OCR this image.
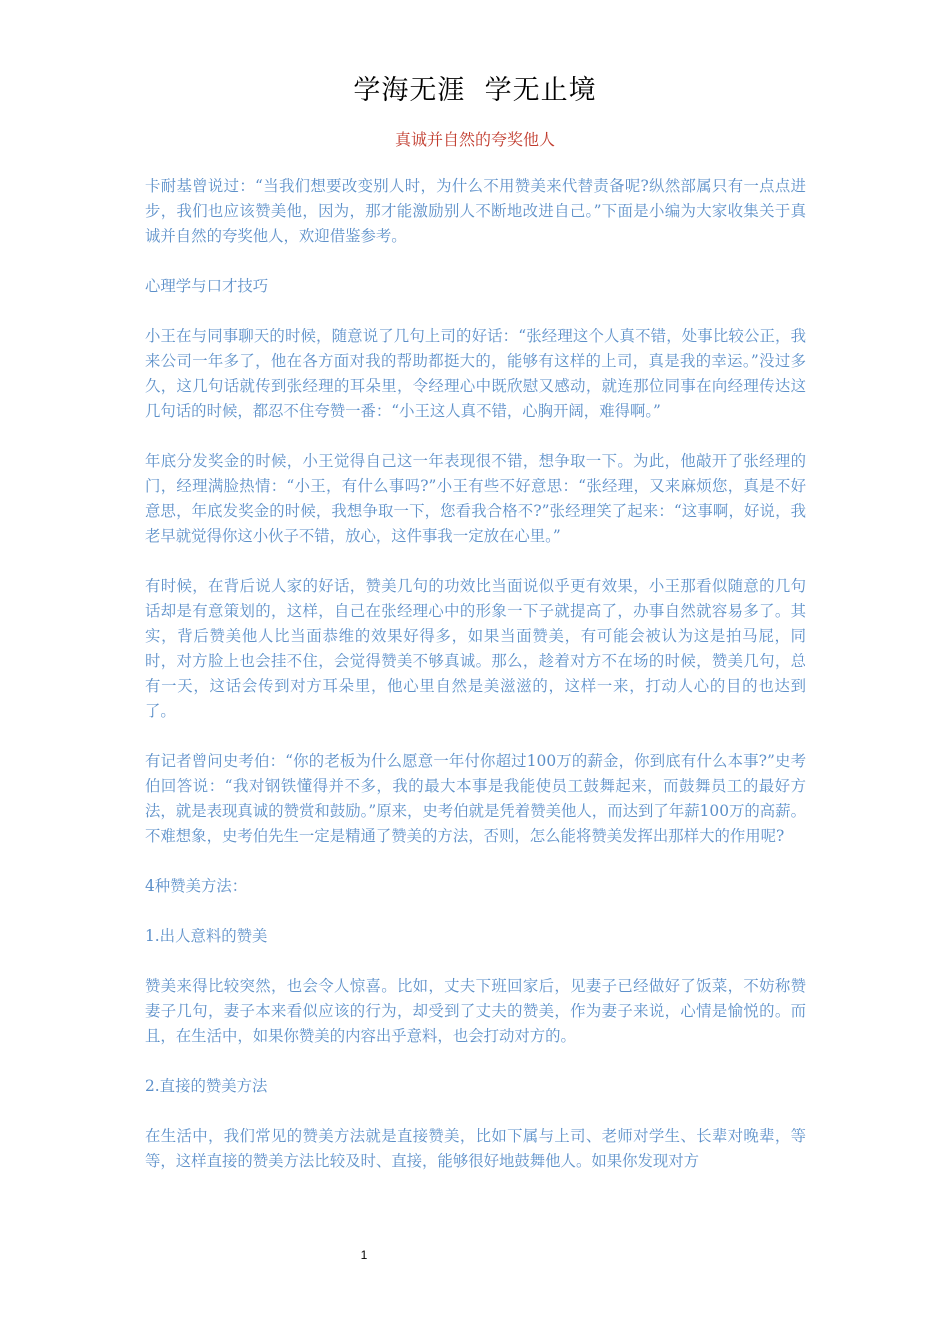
学海无涯  学无止境
真诚并自然的夸奖他人

卡耐基曾说过：“当我们想要改变别人时，为什么不用赞美来代替责备呢?纵然部属只有一点点进步，我们也应该赞美他，因为，那才能激励别人不断地改进自己。”下面是小编为大家收集关于真诚并自然的夸奖他人，欢迎借鉴参考。

心理学与口才技巧

小王在与同事聊天的时候，随意说了几句上司的好话：“张经理这个人真不错，处事比较公正，我来公司一年多了，他在各方面对我的帮助都挺大的，能够有这样的上司，真是我的幸运。”没过多久，这几句话就传到张经理的耳朵里，令经理心中既欣慰又感动，就连那位同事在向经理传达这几句话的时候，都忍不住夸赞一番：“小王这人真不错，心胸开阔，难得啊。”

年底分发奖金的时候，小王觉得自己这一年表现很不错，想争取一下。为此，他敲开了张经理的门，经理满脸热情：“小王，有什么事吗?”小王有些不好意思：“张经理，又来麻烦您，真是不好意思，年底发奖金的时候，我想争取一下，您看我合格不?”张经理笑了起来：“这事啊，好说，我老早就觉得你这小伙子不错，放心，这件事我一定放在心里。”

有时候，在背后说人家的好话，赞美几句的功效比当面说似乎更有效果，小王那看似随意的几句话却是有意策划的，这样，自己在张经理心中的形象一下子就提高了，办事自然就容易多了。其实，背后赞美他人比当面恭维的效果好得多，如果当面赞美，有可能会被认为这是拍马屁，同时，对方脸上也会挂不住，会觉得赞美不够真诚。那么，趁着对方不在场的时候，赞美几句，总有一天，这话会传到对方耳朵里，他心里自然是美滋滋的，这样一来，打动人心的目的也达到了。

有记者曾问史考伯：“你的老板为什么愿意一年付你超过100万的薪金，你到底有什么本事?”史考伯回答说：“我对钢铁懂得并不多，我的最大本事是我能使员工鼓舞起来，而鼓舞员工的最好方法，就是表现真诚的赞赏和鼓励。”原来，史考伯就是凭着赞美他人，而达到了年薪100万的高薪。不难想象，史考伯先生一定是精通了赞美的方法，否则，怎么能将赞美发挥出那样大的作用呢?

4种赞美方法：

1.出人意料的赞美

赞美来得比较突然，也会令人惊喜。比如，丈夫下班回家后，见妻子已经做好了饭菜，不妨称赞妻子几句，妻子本来看似应该的行为，却受到了丈夫的赞美，作为妻子来说，心情是愉悦的。而且，在生活中，如果你赞美的内容出乎意料，也会打动对方的。

2.直接的赞美方法

在生活中，我们常见的赞美方法就是直接赞美，比如下属与上司、老师对学生、长辈对晚辈，等等，这样直接的赞美方法比较及时、直接，能够很好地鼓舞他人。如果你发现对方

1
